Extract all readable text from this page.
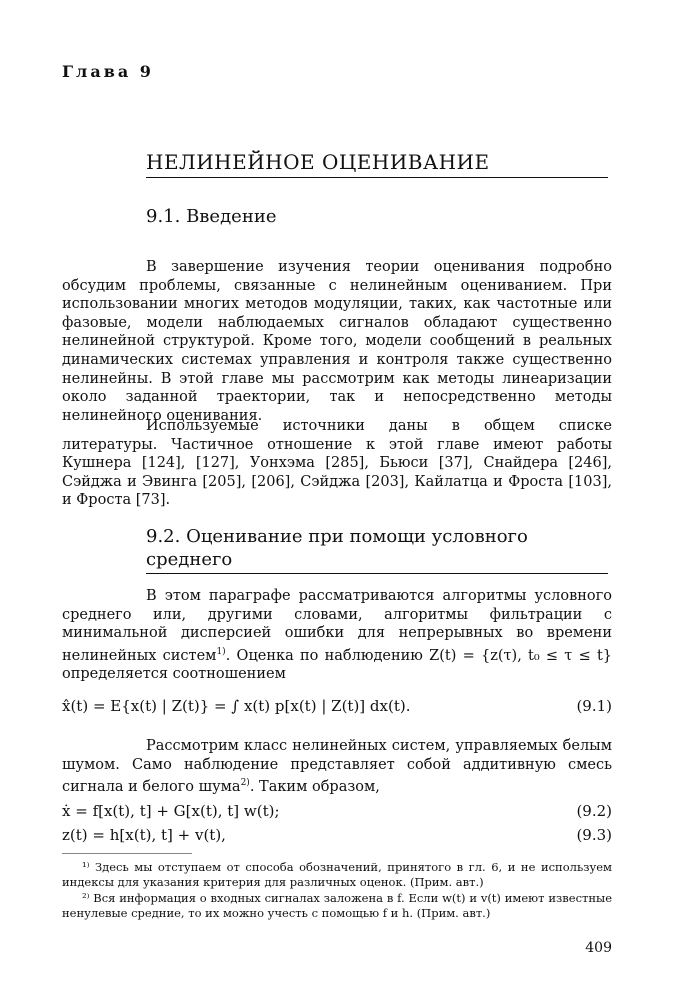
Глава 9
НЕЛИНЕЙНОЕ ОЦЕНИВАНИЕ
9.1. Введение

В завершение изучения теории оценивания подробно обсудим проблемы, связанные с нелинейным оцениванием. При использовании многих методов модуляции, таких, как частотные или фазовые, модели наблюдаемых сигналов обладают существенно нелинейной структурой. Кроме того, модели сообщений в реальных динамических системах управления и контроля также существенно нелинейны. В этой главе мы рассмотрим как методы линеаризации около заданной траектории, так и непосредственно методы нелинейного оценивания.

Используемые источники даны в общем списке литературы. Частичное отношение к этой главе имеют работы Кушнера [124], [127], Уонхэма [285], Бьюси [37], Снайдера [246], Сэйджа и Эвинга [205], [206], Сэйджа [203], Кайлатца и Фроста [103], и Фроста [73].

9.2. Оценивание при помощи условного среднего

В этом параграфе рассматриваются алгоритмы условного среднего или, другими словами, алгоритмы фильтрации с минимальной дисперсией ошибки для непрерывных во времени нелинейных систем$^{1)}$. Оценка по наблюдению Z(t) = {z(τ), t₀ ≤ τ ≤ t} определяется соотношением

x̂(t) = E{x(t) | Z(t)} = ∫ x(t) p[x(t) | Z(t)] dx(t).	(9.1)

Рассмотрим класс нелинейных систем, управляемых белым шумом. Само наблюдение представляет собой аддитивную смесь сигнала и белого шума$^{2)}$. Таким образом,

ẋ = f[x(t), t] + G[x(t), t] w(t);	(9.2)
z(t) = h[x(t), t] + v(t),	(9.3)

¹⁾ Здесь мы отступаем от способа обозначений, принятого в гл. 6, и не используем индексы для указания критерия для различных оценок. (Прим. авт.)

²⁾ Вся информация о входных сигналах заложена в f. Если w(t) и v(t) имеют известные ненулевые средние, то их можно учесть с помощью f и h. (Прим. авт.)

409
